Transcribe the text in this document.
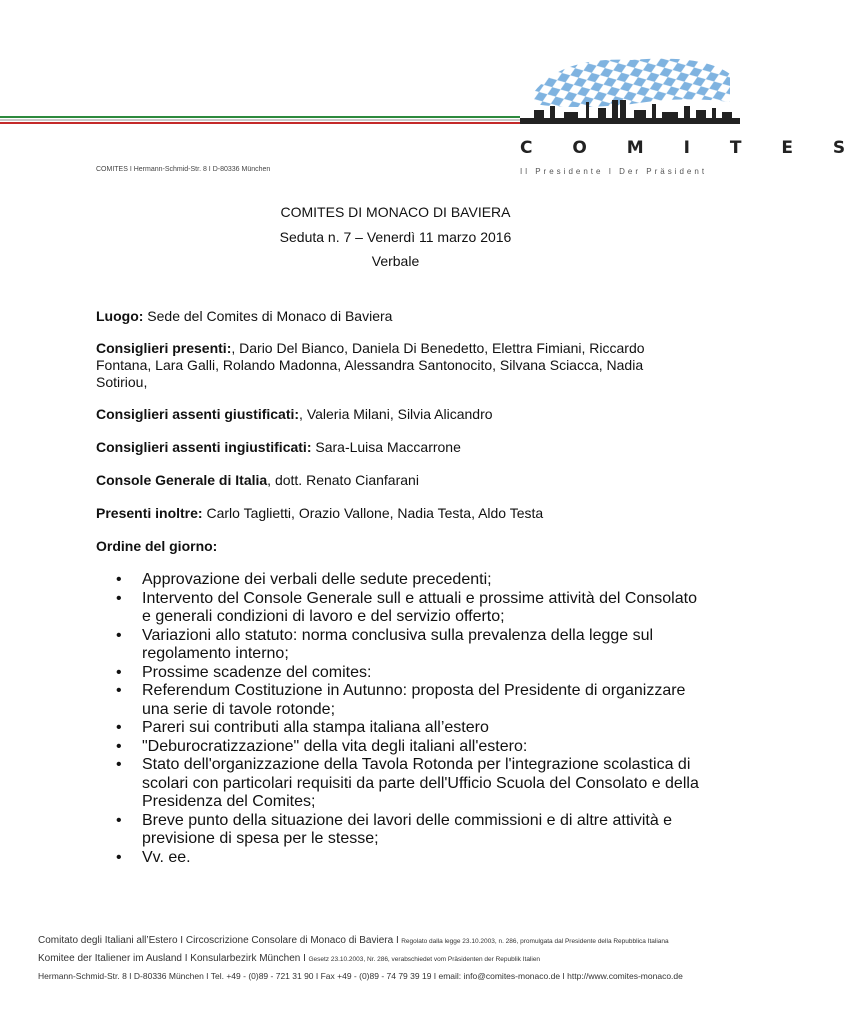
C O M I T E S
Il Presidente I Der Präsident
COMITES I Hermann-Schmid-Str. 8 I D-80336 München
COMITES DI MONACO DI BAVIERA
Seduta n. 7 – Venerdì 11 marzo 2016
Verbale
Luogo: Sede del Comites di Monaco di Baviera
Consiglieri presenti:, Dario Del Bianco, Daniela Di Benedetto, Elettra Fimiani, Riccardo Fontana, Lara Galli, Rolando Madonna, Alessandra Santonocito, Silvana Sciacca, Nadia Sotiriou,
Consiglieri assenti giustificati:, Valeria Milani, Silvia Alicandro
Consiglieri assenti ingiustificati: Sara-Luisa Maccarrone
Console Generale di Italia, dott. Renato Cianfarani
Presenti inoltre: Carlo Taglietti, Orazio Vallone, Nadia Testa, Aldo Testa
Ordine del giorno:
• Approvazione dei verbali delle sedute precedenti;
• Intervento del Console Generale sull e attuali e prossime attività del Consolato e generali condizioni di lavoro e del servizio offerto;
• Variazioni allo statuto: norma conclusiva sulla prevalenza della legge sul regolamento interno;
• Prossime scadenze del comites:
• Referendum Costituzione in Autunno: proposta del Presidente di organizzare una serie di tavole rotonde;
• Pareri sui contributi alla stampa italiana all’estero
• "Deburocratizzazione" della vita degli italiani all'estero:
• Stato dell'organizzazione della Tavola Rotonda per l'integrazione scolastica di scolari con particolari requisiti da parte dell'Ufficio Scuola del Consolato e della Presidenza del Comites;
• Breve punto della situazione dei lavori delle commissioni e di altre attività e previsione di spesa per le stesse;
• Vv. ee.
Comitato degli Italiani all’Estero I Circoscrizione Consolare di Monaco di Baviera I Regolato dalla legge 23.10.2003, n. 286, promulgata dal Presidente della Repubblica Italiana
Komitee der Italiener im Ausland I Konsularbezirk München I Gesetz 23.10.2003, Nr. 286, verabschiedet vom Präsidenten der Republik Italien
Hermann-Schmid-Str. 8 I D-80336 München I Tel. +49 - (0)89 - 721 31 90 I Fax +49 - (0)89 - 74 79 39 19 I email: info@comites-monaco.de I http://www.comites-monaco.de
